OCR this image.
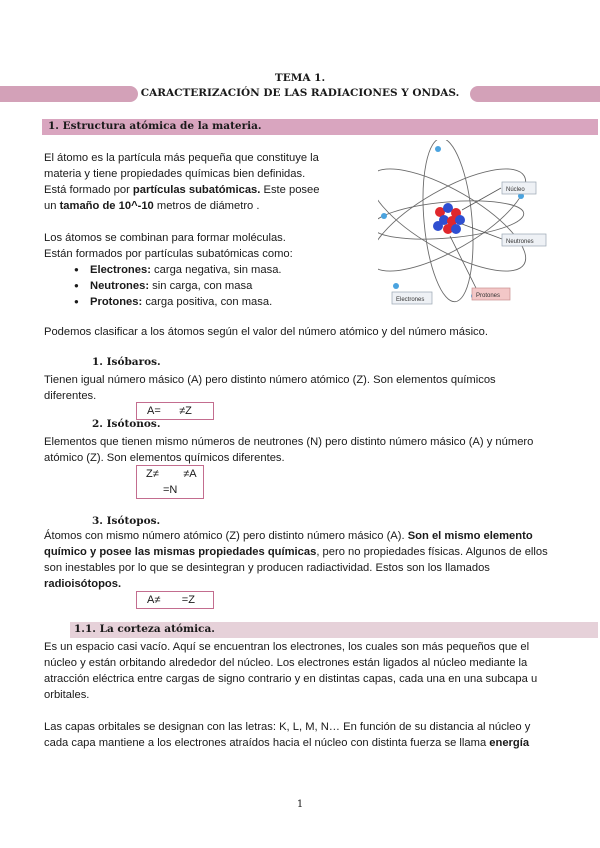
TEMA 1.
CARACTERIZACIÓN DE LAS RADIACIONES Y ONDAS.
1. Estructura atómica de la materia.
El átomo es la partícula más pequeña que constituye la
materia y tiene propiedades químicas bien definidas.
Está formado por partículas subatómicas. Este posee
un tamaño de 10^-10 metros de diámetro .
Los átomos se combinan para formar moléculas.
Están formados por partículas subatómicas como:
● Electrones: carga negativa, sin masa.
● Neutrones: sin carga, con masa
● Protones: carga positiva, con masa.
Núcleo
Neutrones
Electrones
Protones
Podemos clasificar a los átomos según el valor del número atómico y del número másico.
1. Isóbaros.
Tienen igual número másico (A) pero distinto número atómico (Z). Son elementos químicos
diferentes.
A=      ≠Z
2. Isótonos.
Elementos que tienen mismo números de neutrones (N) pero distinto número másico (A) y número
atómico (Z). Son elementos químicos diferentes.
Z≠        ≠A
=N
3. Isótopos.
Átomos con mismo número atómico (Z) pero distinto número másico (A). Son el mismo elemento
químico y posee las mismas propiedades químicas, pero no propiedades físicas. Algunos de ellos
son inestables por lo que se desintegran y producen radiactividad. Estos son los llamados
radioisótopos.
A≠       =Z
1.1. La corteza atómica.
Es un espacio casi vacío. Aquí se encuentran los electrones, los cuales son más pequeños que el
núcleo y están orbitando alrededor del núcleo. Los electrones están ligados al núcleo mediante la
atracción eléctrica entre cargas de signo contrario y en distintas capas, cada una en una subcapa u
orbitales.
Las capas orbitales se designan con las letras: K, L, M, N… En función de su distancia al núcleo y
cada capa mantiene a los electrones atraídos hacia el núcleo con distinta fuerza se llama energía
1
